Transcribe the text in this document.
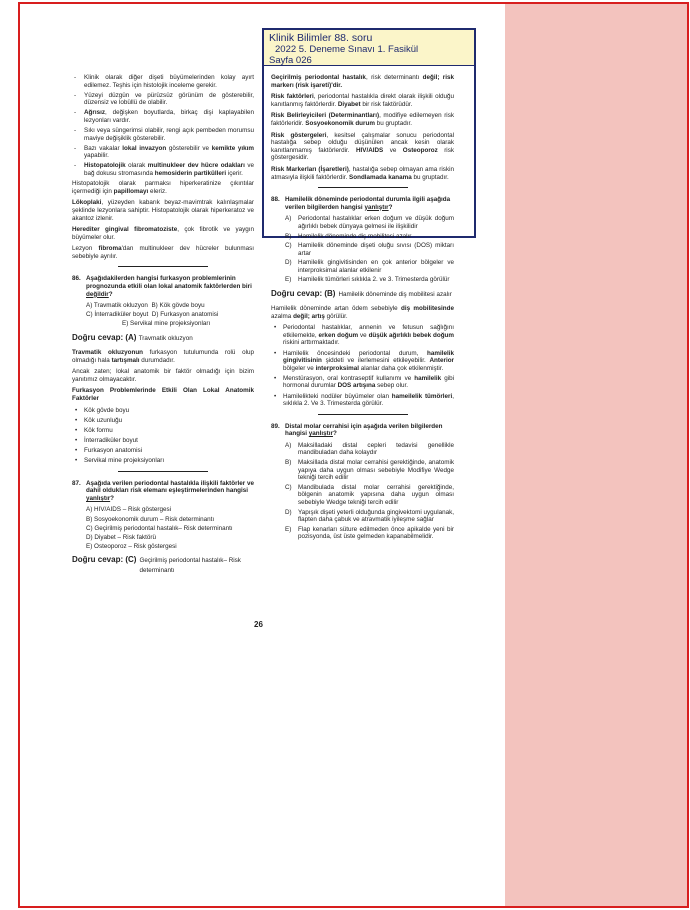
Klinik Bilimler 88. soru
2022 5. Deneme Sınavı 1. Fasikül
Sayfa 026
- Klinik olarak diğer dişeti büyümelerinden kolay ayırt edilemez. Teşhis için histolojik inceleme gerekir.
- Yüzeyi düzgün ve pürüzsüz görünüm de gösterebilir, düzensiz ve lobüllü de olabilir.
- Ağrısız, değişken boyutlarda, birkaç dişi kaplayabilen lezyonları vardır.
- Sıkı veya süngerimsi olabilir, rengi açık pembeden morumsu maviye değişiklik gösterebilir.
- Bazı vakalar lokal invazyon gösterebilir ve kemikte yıkım yapabilir.
- Histopatolojik olarak multinukleer dev hücre odakları ve bağ dokusu stromasında hemosiderin partikülleri içerir.

Histopatolojik olarak parmaksı hiperkeratinize çıkıntılar içermediği için papillomayı eleriz.

Lökoplaki, yüzeyden kabarık beyaz-mavimtrak kalınlaşmalar şeklinde lezyonlara sahiptir. Histopatolojik olarak hiperkeratoz ve akantoz izlenir.

Herediter gingival fibromatoziste, çok fibrotik ve yaygın büyümeler olur.

Lezyon fibroma'dan multinukleer dev hücreler bulunması sebebiyle ayrılır.

86. Aşağıdakilerden hangisi furkasyon problemlerinin prognozunda etkili olan lokal anatomik faktörlerden biri değildir?
A) Travmatik okluzyon B) Kök gövde boyu
C) İnterradiküler boyut D) Furkasyon anatomisi
E) Servikal mine projeksiyonları
Doğru cevap: (A) Travmatik okluzyon

Travmatik okluzyonun furkasyon tutulumunda rolü olup olmadığı hala tartışmalı durumdadır.

Ancak zaten; lokal anatomik bir faktör olmadığı için bizim yanıtımız olmayacaktır.

Furkasyon Problemlerinde Etkili Olan Lokal Anatomik Faktörler

• Kök gövde boyu
• Kök uzunluğu
• Kök formu
• İnterradiküler boyut
• Furkasyon anatomisi
• Servikal mine projeksiyonları
87. Aşağıda verilen periodontal hastalıkla ilişkili faktörler ve dahil oldukları risk elemanı eşleştirmelerinden hangisi yanlıştır?
A) HIV/AIDS – Risk göstergesi
B) Sosyoekonomik durum – Risk determinantı
C) Geçirilmiş periodontal hastalık– Risk determinantı
D) Diyabet – Risk faktörü
E) Osteoporoz – Risk göstergesi
Doğru cevap: (C) Geçirilmiş periodontal hastalık– Risk determinantı
26

Geçirilmiş periodontal hastalık, risk determinantı değil; risk markerı (risk işareti)'dir.

Risk faktörleri, periodontal hastalıkla direkt olarak ilişkili olduğu kanıtlanmış faktörlerdir. Diyabet bir risk faktörüdür.

Risk Belirleyicileri (Determinantları), modifiye edilemeyen risk faktörleridir. Sosyoekonomik durum bu gruptadır.

Risk göstergeleri, kesitsel çalışmalar sonucu periodontal hastalığa sebep olduğu düşünülen ancak kesin olarak kanıtlanmamış faktörlerdir. HIV/AIDS ve Osteoporoz risk göstergesidir.

Risk Markerları (İşaretleri), hastalığa sebep olmayan ama riskin atmasıyla ilişkili faktörlerdir. Sondlamada kanama bu gruptadır.

88. Hamilelik döneminde periodontal durumla ilgili aşağıda verilen bilgilerden hangisi yanlıştır?
A)	Periodontal hastalıklar erken doğum ve düşük doğum ağırlıklı bebek dünyaya gelmesi ile ilişkilidir
B)	Hamilelik döneminde diş mobilitesi azalır
C)	Hamilelik döneminde dişeti oluğu sıvısı (DOS) miktarı artar
D)	Hamilelik gingivitisinden en çok anterior bölgeler ve interproksimal alanlar etkilenir
E)	Hamilelik tümörleri sıklıkla 2. ve 3. Trimesterda görülür
Doğru cevap: (B) Hamilelik döneminde diş mobilitesi azalır

Hamilelik döneminde artan ödem sebebiyle diş mobilitesinde azalma değil; artış görülür.

• Periodontal hastalıklar, annenin ve fetusun sağlığını etkilemekte, erken doğum ve düşük ağırlıklı bebek doğum riskini arttırmaktadır.
• Hamilelik öncesindeki periodontal durum, hamilelik gingivitisinin şiddeti ve ilerlemesini etkileyebilir. Anterior bölgeler ve interproksimal alanlar daha çok etkilenmiştir.
• Menstürasyon, oral kontraseptif kullanımı ve hamilelik gibi hormonal durumlar DOS artışına sebep olur.
• Hamilelikteki nodüler büyümeler olan hameilelik tümörleri, sıklıkla 2. Ve 3. Trimesterda görülür.
89. Distal molar cerrahisi için aşağıda verilen bilgilerden hangisi yanlıştır?
A)	Maksilladaki distal cepleri tedavisi genellikle mandibuladan daha kolaydır
B)	Maksillada distal molar cerrahisi gerektiğinde, anatomik yapıya daha uygun olması sebebiyle Modifiye Wedge tekniği tercih edilir
C)	Mandibulada distal molar cerrahisi gerektiğinde, bölgenin anatomik yapısına daha uygun olması sebebiyle Wedge tekniği tercih edilir
D)	Yapışık dişeti yeterli olduğunda gingivektomi uygulanak, flapten daha çabuk ve atravmatik iyileşme sağlar
E)	Flap kenarları süture edilmeden önce apikalde yeni bir pozisyonda, üst üste gelmeden kapanabilmelidir.
